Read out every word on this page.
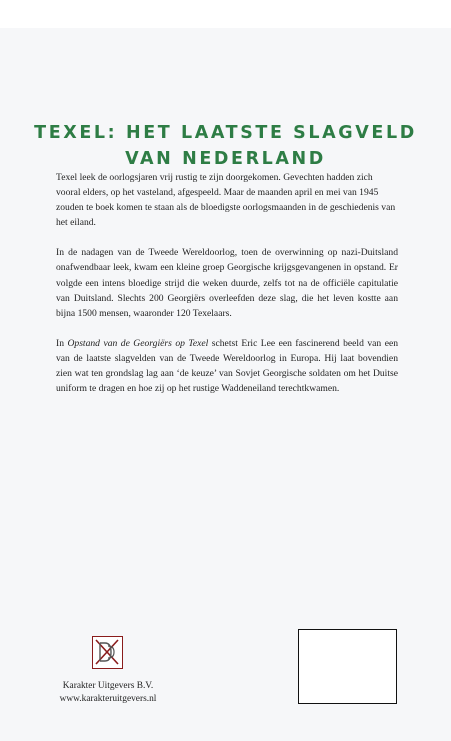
TEXEL: HET LAATSTE SLAGVELD
VAN NEDERLAND

Texel leek de oorlogsjaren vrij rustig te zijn doorgekomen. Gevechten hadden zich vooral elders, op het vasteland, afgespeeld. Maar de maanden april en mei van 1945 zouden te boek komen te staan als de bloedigste oorlogsmaanden in de geschiedenis van het eiland.

In de nadagen van de Tweede Wereldoorlog, toen de overwinning op nazi-Duitsland onafwendbaar leek, kwam een kleine groep Georgische krijgsgevangenen in opstand. Er volgde een intens bloedige strijd die weken duurde, zelfs tot na de officiële capitulatie van Duitsland. Slechts 200 Georgiërs overleefden deze slag, die het leven kostte aan bijna 1500 mensen, waaronder 120 Texelaars.

In Opstand van de Georgiërs op Texel schetst Eric Lee een fascinerend beeld van een van de laatste slagvelden van de Tweede Wereldoorlog in Europa. Hij laat bovendien zien wat ten grondslag lag aan ‘de keuze’ van Sovjet Georgische soldaten om het Duitse uniform te dragen en hoe zij op het rustige Waddeneiland terechtkwamen.

Karakter Uitgevers B.V.
www.karakteruitgevers.nl
